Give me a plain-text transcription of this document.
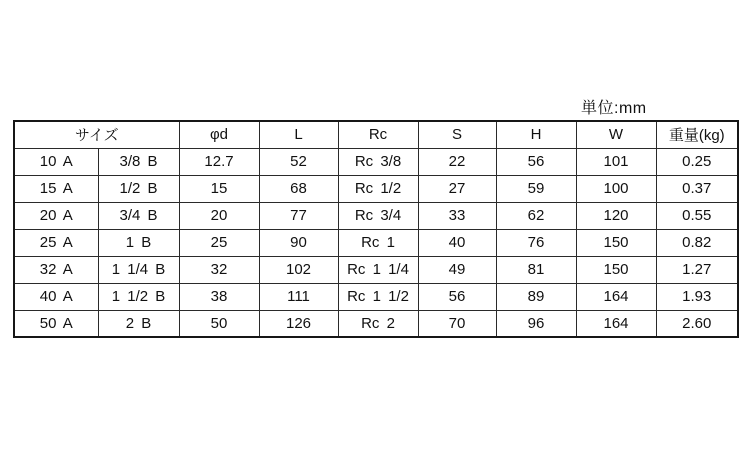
単位:mm
サイズ		φd	L	Rc	S	H	W	重量(kg)
10 A	3/8 B	12.7	52	Rc 3/8	22	56	101	0.25
15 A	1/2 B	15	68	Rc 1/2	27	59	100	0.37
20 A	3/4 B	20	77	Rc 3/4	33	62	120	0.55
25 A	1 B	25	90	Rc 1	40	76	150	0.82
32 A	1 1/4 B	32	102	Rc 1 1/4	49	81	150	1.27
40 A	1 1/2 B	38	111	Rc 1 1/2	56	89	164	1.93
50 A	2 B	50	126	Rc 2	70	96	164	2.60
